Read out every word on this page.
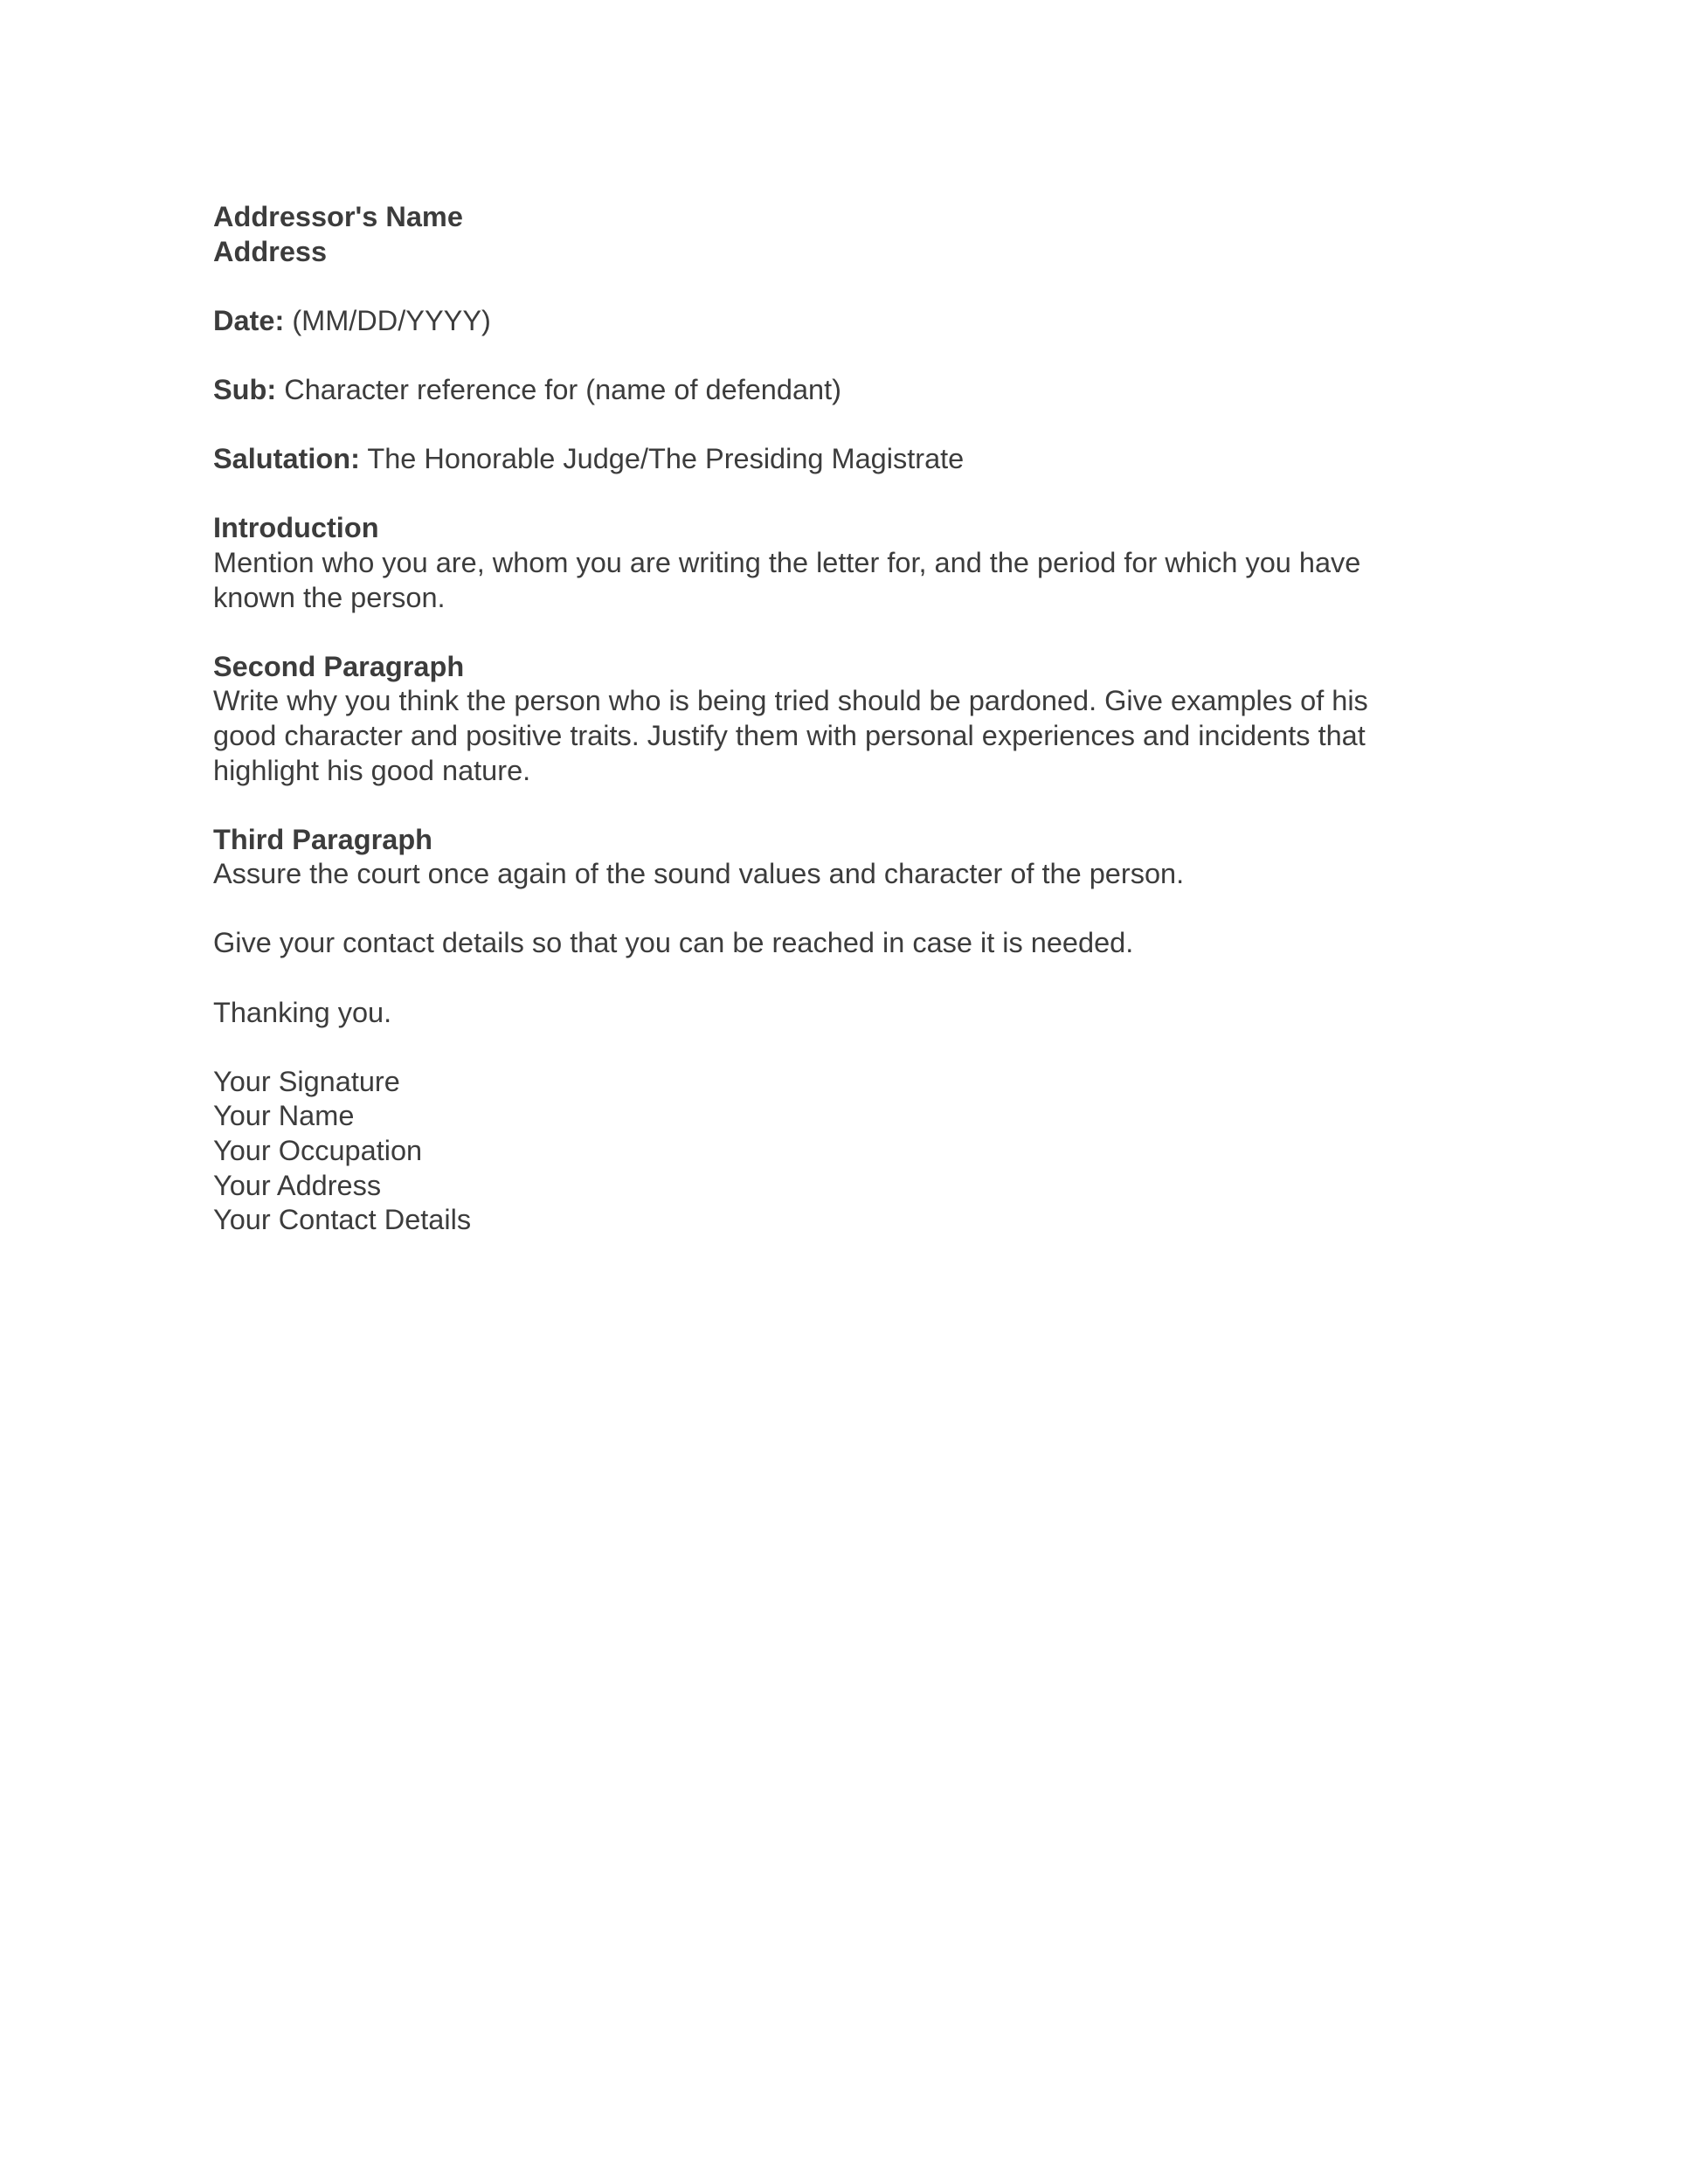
Addressor's Name
Address
Date: (MM/DD/YYYY)
Sub: Character reference for (name of defendant)
Salutation: The Honorable Judge/The Presiding Magistrate
Introduction
Mention who you are, whom you are writing the letter for, and the period for which you have
known the person.
Second Paragraph
Write why you think the person who is being tried should be pardoned. Give examples of his
good character and positive traits. Justify them with personal experiences and incidents that
highlight his good nature.
Third Paragraph
Assure the court once again of the sound values and character of the person.
Give your contact details so that you can be reached in case it is needed.
Thanking you.
Your Signature
Your Name
Your Occupation
Your Address
Your Contact Details
